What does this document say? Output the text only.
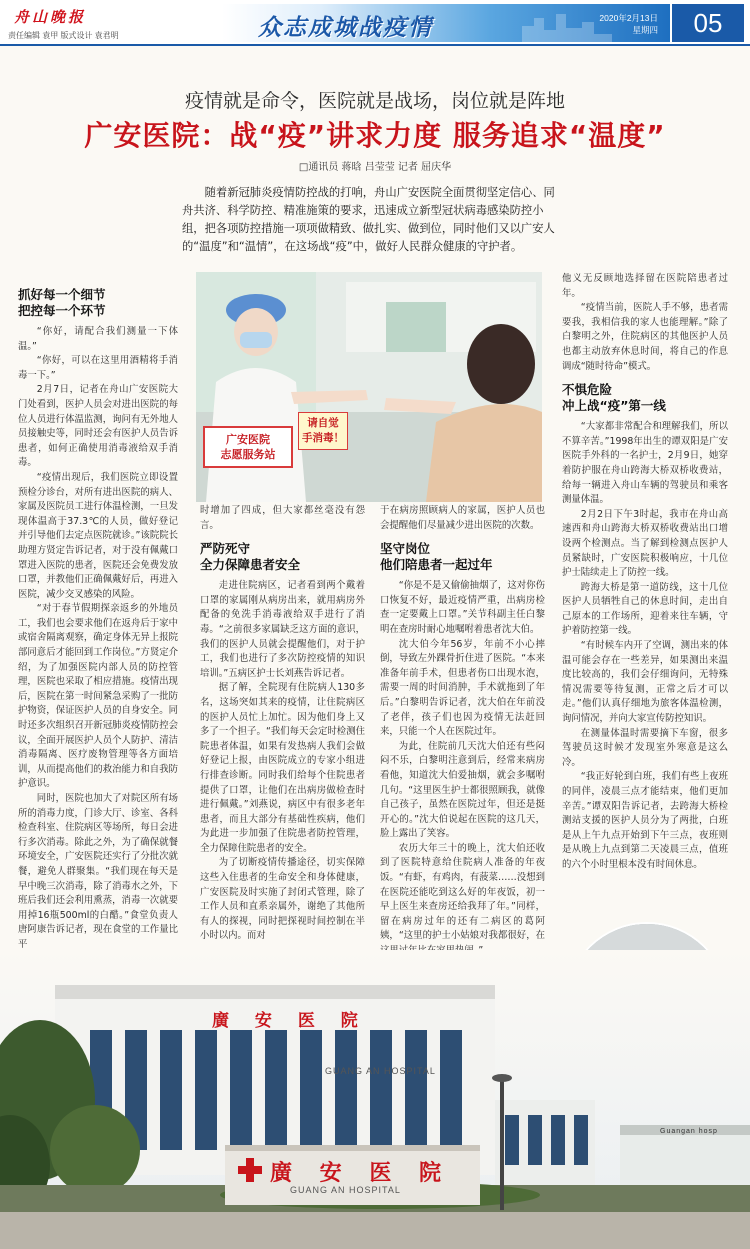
舟山晚报
责任编辑 袁甲 版式设计 袁君明	众志成城战疫情	2020年2月13日
星期四	05
疫情就是命令，医院就是战场，岗位就是阵地
广安医院：战“疫”讲求力度 服务追求“温度”
□通讯员 蒋晗 吕莹莹 记者 屈庆华
随着新冠肺炎疫情防控战的打响，舟山广安医院全面贯彻坚定信心、同舟共济、科学防控、精准施策的要求，迅速成立新型冠状病毒感染防控小组，把各项防控措施一项项做精致、做扎实、做到位，同时他们又以广安人的“温度”和“温情”，在这场战“疫”中，做好人民群众健康的守护者。
广安医院
志愿服务站
请自觉
手消毒！
抓好每一个细节
把控每一个环节

“你好，请配合我们测量一下体温。”

“你好，可以在这里用酒精将手消毒一下。”

2月7日，记者在舟山广安医院大门处看到，医护人员会对进出医院的每位人员进行体温监测，询问有无外地人员接触史等，同时还会有医护人员告诉患者，如何正确使用消毒液给双手消毒。

“疫情出现后，我们医院立即设置预检分诊台，对所有进出医院的病人、家属及医院员工进行体温检测，一旦发现体温高于37.3℃的人员，做好登记并引导他们去定点医院就诊。”该院院长助理方贤定告诉记者，对于没有佩戴口罩进入医院的患者，医院还会免费发放口罩，并教他们正确佩戴好后，再进入医院，减少交叉感染的风险。

“对于春节假期探亲返乡的外地员工，我们也会要求他们在返舟后于家中或宿舍隔离观察，确定身体无异上报院部同意后才能回到工作岗位。”方贤定介绍，为了加强医院内部人员的防控管理，医院也采取了相应措施。疫情出现后，医院在第一时间紧急采购了一批防护物资，保证医护人员的自身安全。同时还多次组织召开新冠肺炎疫情防控会议，全面开展医护人员个人防护、清洁消毒隔离、医疗废物管理等各方面培训，从而提高他们的救治能力和自我防护意识。

同时，医院也加大了对院区所有场所的消毒力度，门诊大厅、诊室、各科检查科室、住院病区等场所，每日会进行多次消毒。除此之外，为了确保就餐环境安全，广安医院还实行了分批次就餐，避免人群聚集。“我们现在每天是早中晚三次消毒，除了消毒水之外，下班后我们还会利用熏蒸，消毒一次就要用掉16瓶500ml的白醋。”食堂负责人唐阿康告诉记者，现在食堂的工作量比平

时增加了四成，但大家都丝毫没有怨言。

严防死守
全力保障患者安全

走进住院病区，记者看到两个戴着口罩的家属刚从病房出来，就用病房外配备的免洗手消毒液给双手进行了消毒。“之前很多家属缺乏这方面的意识，我们的医护人员就会提醒他们，对于护工，我们也进行了多次防控疫情的知识培训。”五病区护士长刘燕告诉记者。

据了解，全院现有住院病人130多名，这场突如其来的疫情，让住院病区的医护人员忙上加忙。因为他们身上又多了一个担子。“我们每天会定时检测住院患者体温，如果有发热病人我们会做好登记上报，由医院成立的专家小组进行排查诊断。同时我们给每个住院患者提供了口罩，让他们在出病房做检查时进行佩戴。”刘燕说，病区中有很多老年患者，而且大部分有基础性疾病，他们为此进一步加强了住院患者防控管理，全力保障住院患者的安全。

为了切断疫情传播途径，切实保障这些入住患者的生命安全和身体健康，广安医院及时实施了封闭式管理，除了工作人员和直系亲属外，谢绝了其他所有人的探视，同时把探视时间控制在半小时以内。而对

于在病房照顾病人的家属，医护人员也会提醒他们尽量减少进出医院的次数。

坚守岗位
他们陪患者一起过年

“你是不是又偷偷抽烟了，这对你伤口恢复不好，最近疫情严重，出病房检查一定要戴上口罩。”关节科副主任白黎明在查房时耐心地嘱咐着患者沈大伯。

沈大伯今年56岁，年前不小心摔倒，导致左外踝骨折住进了医院。“本来准备年前手术，但患者伤口出现水泡，需要一周的时间消肿，手术就拖到了年后。”白黎明告诉记者，沈大伯在年前没了老伴，孩子们也因为疫情无法赶回来，只能一个人在医院过年。

为此，住院前几天沈大伯还有些闷闷不乐，白黎明注意到后，经常来病房看他，知道沈大伯爱抽烟，就会多嘱咐几句。“这里医生护士都很照顾我，就像自己孩子，虽然在医院过年，但还是挺开心的。”沈大伯说起在医院的这几天，脸上露出了笑容。

农历大年三十的晚上，沈大伯还收到了医院特意给住院病人准备的年夜饭。“有虾，有鸡肉，有菠菜……没想到在医院还能吃到这么好的年夜饭，初一早上医生来查房还给我拜了年。”同样，留在病房过年的还有二病区的葛阿姨，“这里的护士小姑娘对我都很好，在

他义无反顾地选择留在医院陪患者过年。

“疫情当前，医院人手不够，患者需要我，我相信我的家人也能理解。”除了白黎明之外，住院病区的其他医护人员也都主动放弃休息时间，将自己的作息调成“随时待命”模式。

不惧危险
冲上战“疫”第一线

“大家都非常配合和理解我们，所以不算辛苦。”1998年出生的谭双阳是广安医院手外科的一名护士，2月9日，她穿着防护服在舟山跨海大桥双桥收费站，给每一辆进入舟山车辆的驾驶员和乘客测量体温。

2月2日下午3时起，我市在舟山高速西和舟山跨海大桥双桥收费站出口增设两个检测点。当了解到检测点医护人员紧缺时，广安医院积极响应，十几位护士陆续走上了防控一线。

跨海大桥是第一道防线，这十几位医护人员牺牲自己的休息时间，走出自己原本的工作场所，迎着来往车辆，守护着防控第一线。

“有时候车内开了空调，测出来的体温可能会存在一些差异，如果测出来温度比较高的，我们会仔细询问，无特殊情况需要等待复测，正常之后才可以走。”他们认真仔细地为旅客体温检测，询问情况，并向大家宣传防控知识。

在测量体温时需要摘下车窗，很多驾驶员这时候才发现室外寒意是这么冷。

“我正好轮到白班，我们有些上夜班的同伴，凌晨三点才能结束，他们更加辛苦。”谭双阳告诉记者，去跨海大桥检测站支援的医护人员分为了两批，白班是从上午九点开始到下午三点，夜班则是从晚上九点到第二天凌晨三点，值班的六个小时里根本没有时间休息。

廣 安 医 院
GUANG AN HOSPITAL
廣 安 医 院
GUANG AN HOSPITAL
Guangan hosp
